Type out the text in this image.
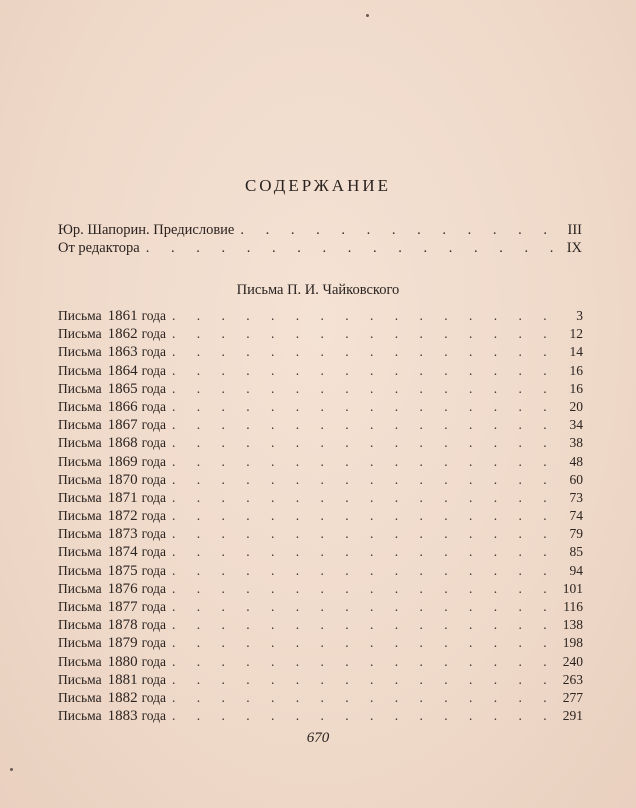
СОДЕРЖАНИЕ
Юр. Шапорин. Предисловие . . .	III
От редактора . . .	IX
Письма П. И. Чайковского
Письма 1861 года . . .	3
Письма 1862 года . . .	12
Письма 1863 года . . .	14
Письма 1864 года . . .	16
Письма 1865 года . . .	16
Письма 1866 года . . .	20
Письма 1867 года . . .	34
Письма 1868 года . . .	38
Письма 1869 года . . .	48
Письма 1870 года . . .	60
Письма 1871 года . . .	73
Письма 1872 года . . .	74
Письма 1873 года . . .	79
Письма 1874 года . . .	85
Письма 1875 года . . .	94
Письма 1876 года . . .	101
Письма 1877 года . . .	116
Письма 1878 года . . .	138
Письма 1879 года . . .	198
Письма 1880 года . . .	240
Письма 1881 года . . .	263
Письма 1882 года . . .	277
Письма 1883 года . . .	291
670
